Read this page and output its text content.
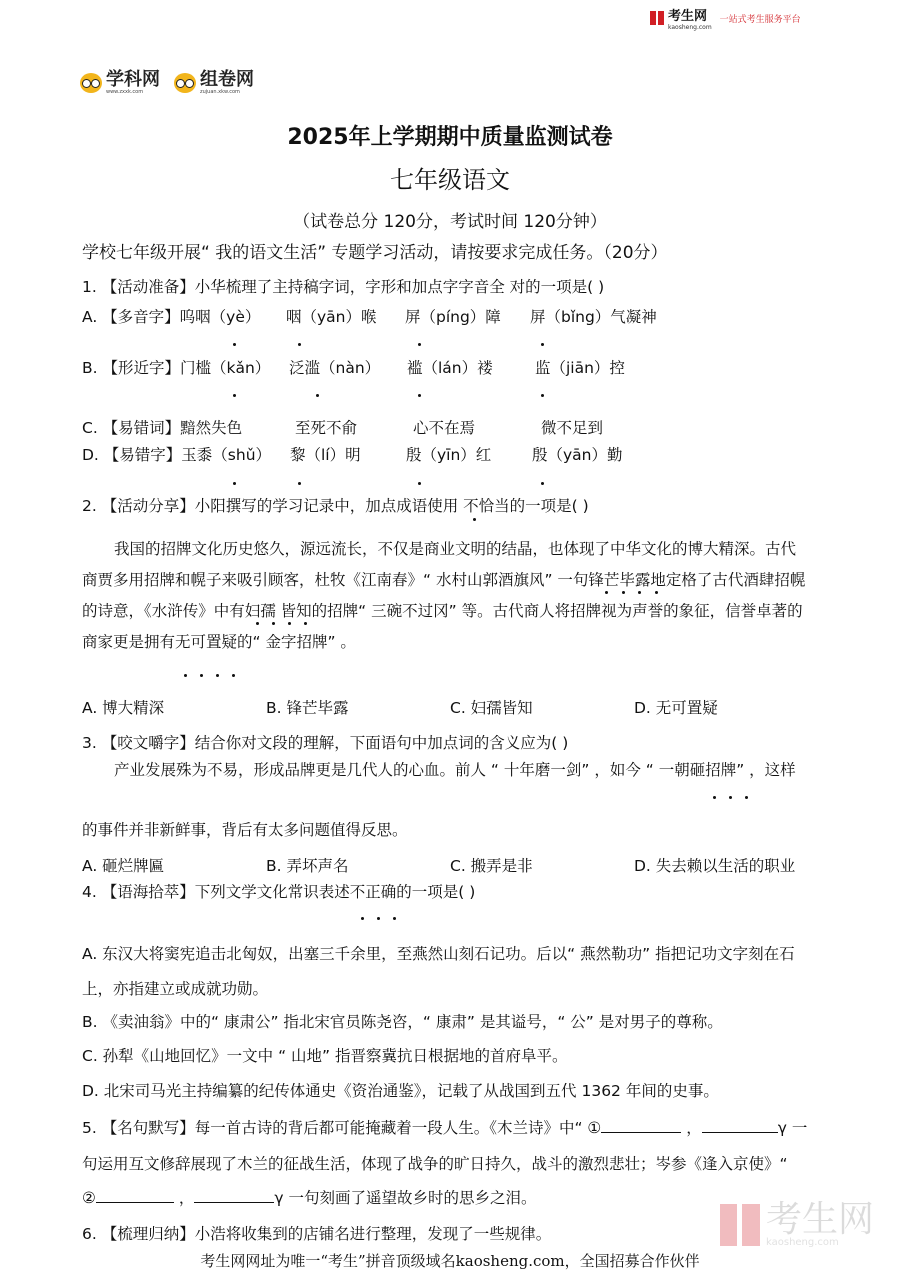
考生网
kaosheng.com
一站式考生服务平台
学科网
www.zxxk.com
组卷网
zujuan.xkw.com
2025年上学期期中质量监测试卷
七年级语文
（试卷总分 120分，考试时间 120分钟）
学校七年级开展“ 我的语文生活” 专题学习活动，请按要求完成任务。（20分）
1. 【活动准备】小华梳理了主持稿字词，字形和加点字字音全 对的一项是( )
A. 【多音字】呜咽（yè） 咽（yān）喉 屏（píng）障 屏（bǐng）气凝神
B. 【形近字】门槛（kǎn） 泛滥（nàn） 褴（lán）褛	监（jiān）控
C. 【易错词】黯然失色	至死不俞	心不在焉	微不足到
D. 【易错字】玉黍（shǔ） 黎（lí）明	殷（yīn）红	殷（yān）勤
2. 【活动分享】小阳撰写的学习记录中，加点成语使用 不恰当的一项是( )
我国的招牌文化历史悠久，源远流长，不仅是商业文明的结晶，也体现了中华文化的博大精深。古代
商贾多用招牌和幌子来吸引顾客，杜牧《江南春》“ 水村山郭酒旗风” 一句锋芒毕露地定格了古代酒肆招幌
的诗意，《水浒传》中有妇孺 皆知的招牌“ 三碗不过冈” 等。古代商人将招牌视为声誉的象征，信誉卓著的
商家更是拥有无可置疑的“ 金字招牌” 。
A. 博大精深	B. 锋芒毕露	C. 妇孺皆知	D. 无可置疑
3. 【咬文嚼字】结合你对文段的理解，下面语句中加点词的含义应为( )
产业发展殊为不易，形成品牌更是几代人的心血。前人 “ 十年磨一剑” ，如今 “ 一朝砸招牌” ，这样
的事件并非新鲜事，背后有太多问题值得反思。
A. 砸烂牌匾	B. 弄坏声名	C. 搬弄是非	D. 失去赖以生活的职业
4. 【语海拾萃】下列文学文化常识表述不正确的一项是( )
A. 东汉大将窦宪追击北匈奴，出塞三千余里，至燕然山刻石记功。后以“ 燕然勒功” 指把记功文字刻在石
上，亦指建立或成就功勋。
B. 《卖油翁》中的“ 康肃公” 指北宋官员陈尧咨，“ 康肃” 是其谥号，“ 公” 是对男子的尊称。
C. 孙犁《山地回忆》一文中 “ 山地” 指晋察冀抗日根据地的首府阜平。
D. 北宋司马光主持编纂的纪传体通史《资治通鉴》，记载了从战国到五代 1362 年间的史事。
5. 【名句默写】每一首古诗的背后都可能掩藏着一段人生。《木兰诗》中“ ①	，	γ 一
句运用互文修辞展现了木兰的征战生活，体现了战争的旷日持久，战斗的激烈悲壮；岑参《逢入京使》“
②	，	γ 一句刻画了遥望故乡时的思乡之泪。
6. 【梳理归纳】小浩将收集到的店铺名进行整理，发现了一些规律。	考生网
kaosheng.com
考生网网址为唯一“考生”拼音顶级域名kaosheng.com，全国招募合作伙伴
